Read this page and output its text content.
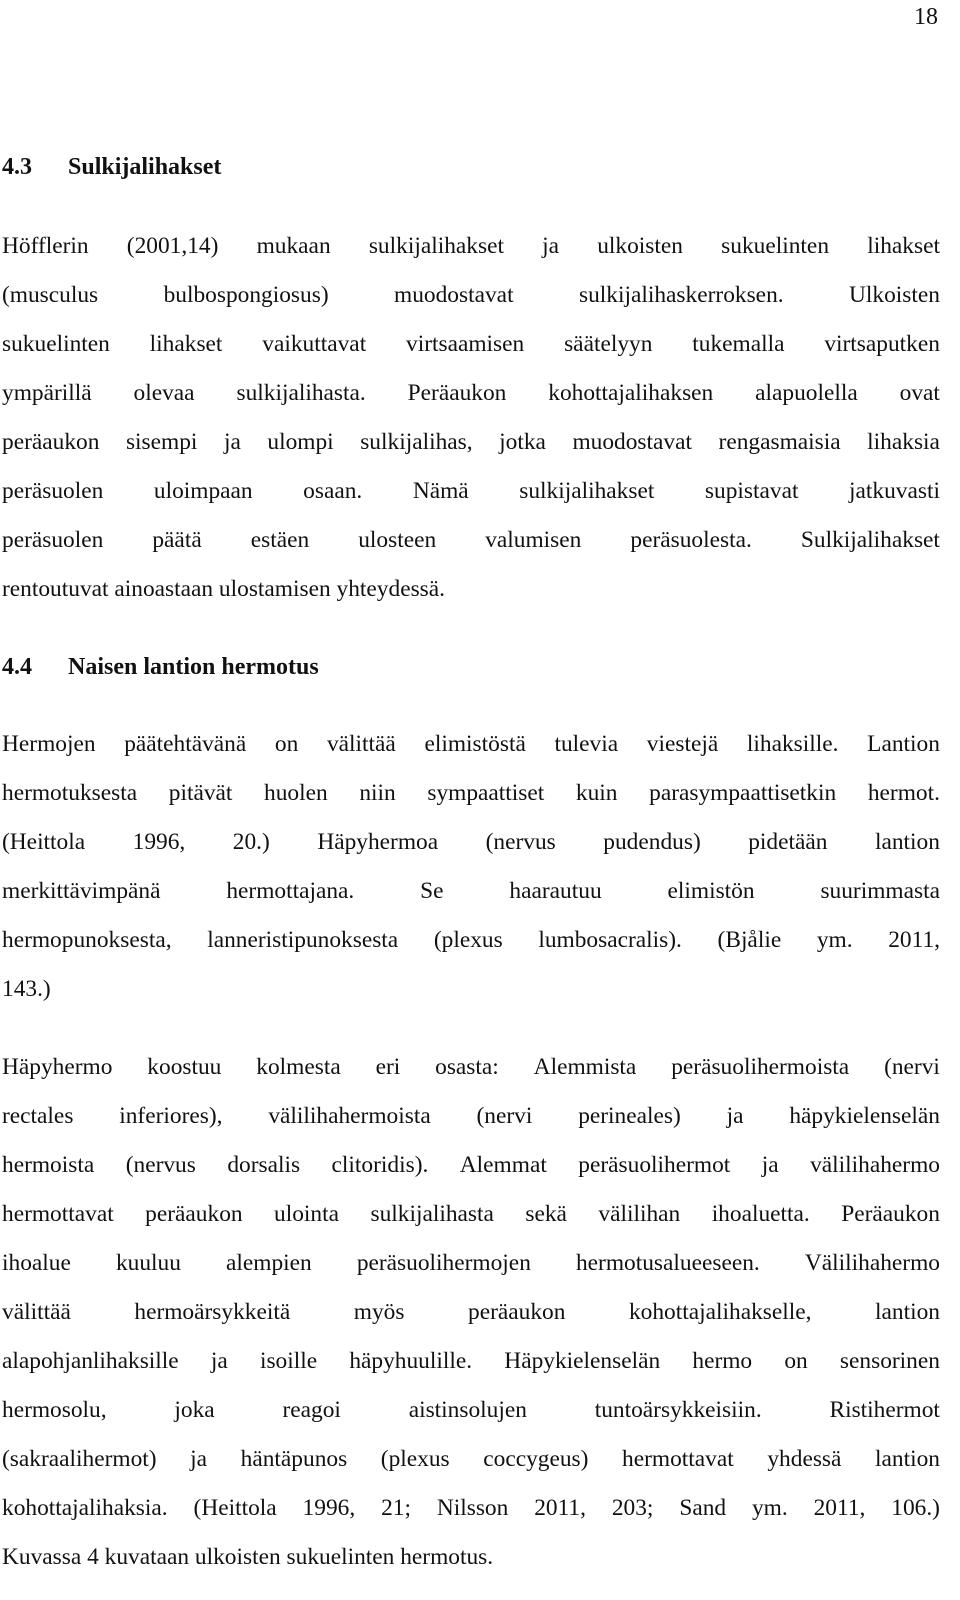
18
4.3 Sulkijalihakset
Höfflerin (2001,14) mukaan sulkijalihakset ja ulkoisten sukuelinten lihakset
(musculus	bulbospongiosus)	muodostavat	sulkijalihaskerroksen.	Ulkoisten
sukuelinten lihakset vaikuttavat virtsaamisen säätelyyn tukemalla virtsaputken
ympärillä olevaa sulkijalihasta. Peräaukon kohottajalihaksen alapuolella ovat
peräaukon sisempi ja ulompi sulkijalihas, jotka muodostavat rengasmaisia lihaksia
peräsuolen uloimpaan osaan. Nämä sulkijalihakset supistavat jatkuvasti
peräsuolen päätä estäen ulosteen valumisen peräsuolesta. Sulkijalihakset
rentoutuvat ainoastaan ulostamisen yhteydessä.
4.4 Naisen lantion hermotus
Hermojen päätehtävänä on välittää elimistöstä tulevia viestejä lihaksille. Lantion
hermotuksesta pitävät huolen niin sympaattiset kuin parasympaattisetkin hermot.
(Heittola 1996, 20.) Häpyhermoa (nervus pudendus) pidetään lantion
merkittävimpänä	hermottajana.	Se	haarautuu	elimistön	suurimmasta
hermopunoksesta, lanneristipunoksesta (plexus lumbosacralis). (Bjålie ym. 2011,
143.)
Häpyhermo koostuu kolmesta eri osasta: Alemmista peräsuolihermoista (nervi
rectales inferiores), välilihahermoista (nervi perineales) ja häpykielenselän
hermoista (nervus dorsalis clitoridis). Alemmat peräsuolihermot ja välilihahermo
hermottavat peräaukon ulointa sulkijalihasta sekä välilihan ihoaluetta. Peräaukon
ihoalue kuuluu alempien peräsuolihermojen hermotusalueeseen. Välilihahermo
välittää	hermoärsykkeitä	myös	peräaukon	kohottajalihakselle,	lantion
alapohjanlihaksille ja isoille häpyhuulille. Häpykielenselän hermo on sensorinen
hermosolu,	joka	reagoi	aistinsolujen	tuntoärsykkeisiin.	Ristihermot
(sakraalihermot) ja häntäpunos (plexus coccygeus) hermottavat yhdessä lantion
kohottajalihaksia. (Heittola 1996, 21; Nilsson 2011, 203; Sand ym. 2011, 106.)
Kuvassa 4 kuvataan ulkoisten sukuelinten hermotus.
